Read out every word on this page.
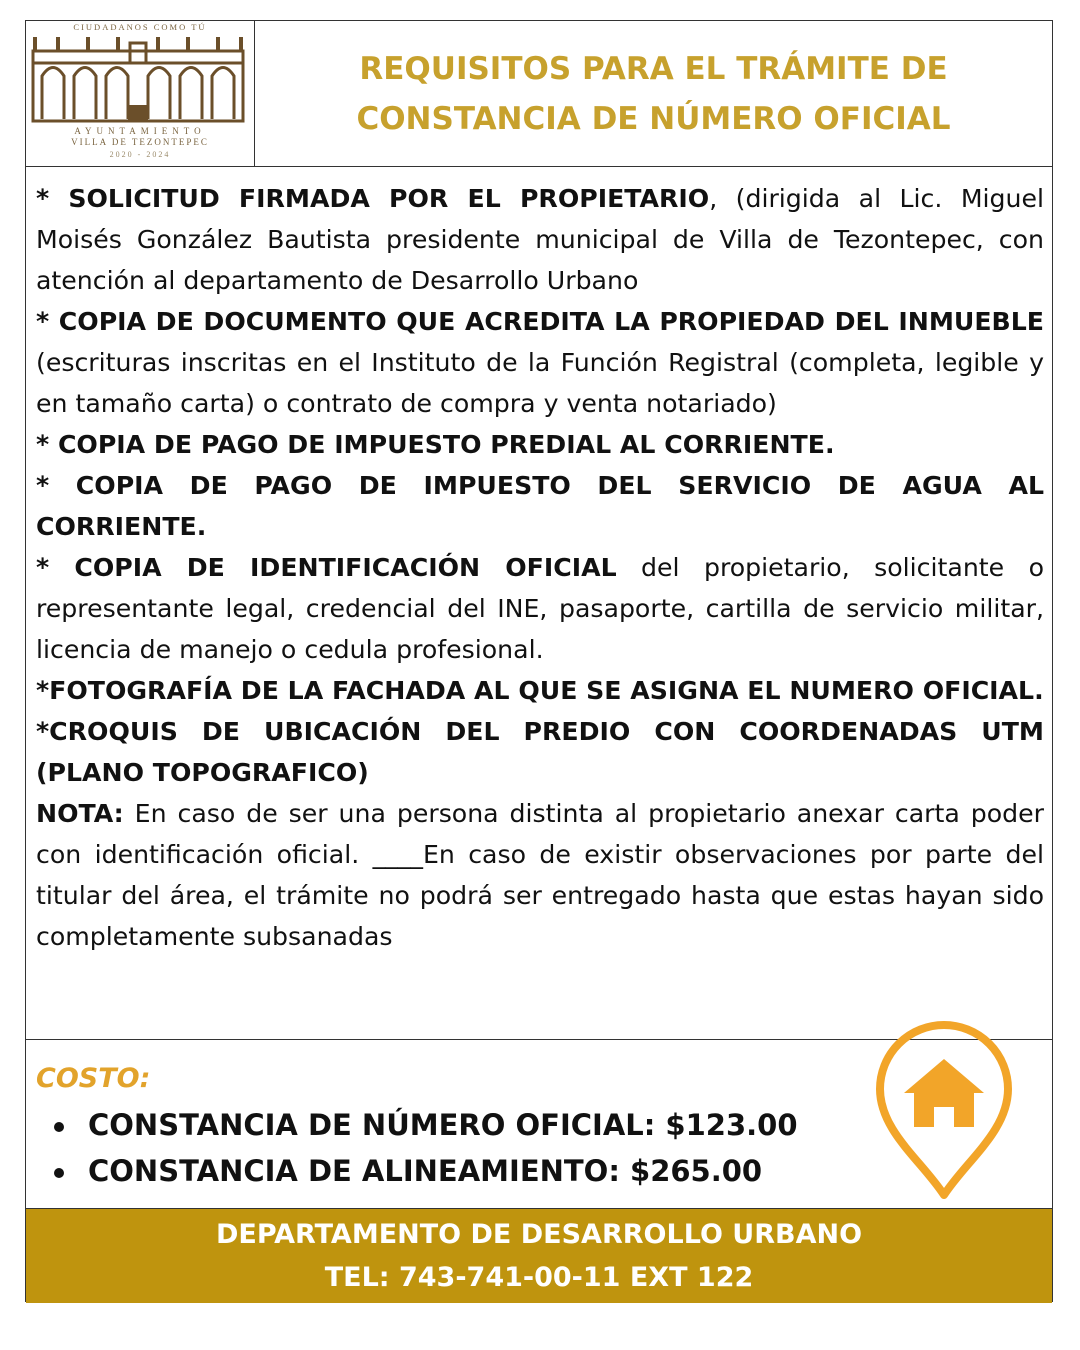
CIUDADANOS COMO TÚ
AYUNTAMIENTO
VILLA DE TEZONTEPEC
2020 - 2024
REQUISITOS PARA EL TRÁMITE DE
CONSTANCIA DE NÚMERO OFICIAL

* SOLICITUD FIRMADA POR EL PROPIETARIO, (dirigida al Lic. Miguel Moisés González Bautista presidente municipal de Villa de Tezontepec, con atención al departamento de Desarrollo Urbano

* COPIA DE DOCUMENTO QUE ACREDITA LA PROPIEDAD DEL INMUEBLE (escrituras inscritas en el Instituto de la Función Registral (completa, legible y en tamaño carta) o contrato de compra y venta notariado)

* COPIA DE PAGO DE IMPUESTO PREDIAL AL CORRIENTE.

* COPIA DE PAGO DE IMPUESTO DEL SERVICIO DE AGUA AL CORRIENTE.

* COPIA DE IDENTIFICACIÓN OFICIAL del propietario, solicitante o representante legal, credencial del INE, pasaporte, cartilla de servicio militar, licencia de manejo o cedula profesional.

*FOTOGRAFÍA DE LA FACHADA AL QUE SE ASIGNA EL NUMERO OFICIAL.

*CROQUIS DE UBICACIÓN DEL PREDIO CON COORDENADAS UTM (PLANO TOPOGRAFICO)

NOTA: En caso de ser una persona distinta al propietario anexar carta poder con identificación oficial. ____En caso de existir observaciones por parte del titular del área, el trámite no podrá ser entregado hasta que estas hayan sido completamente subsanadas

COSTO:
CONSTANCIA DE NÚMERO OFICIAL: $123.00
CONSTANCIA DE ALINEAMIENTO: $265.00
DEPARTAMENTO DE DESARROLLO URBANO
TEL: 743-741-00-11 EXT 122
